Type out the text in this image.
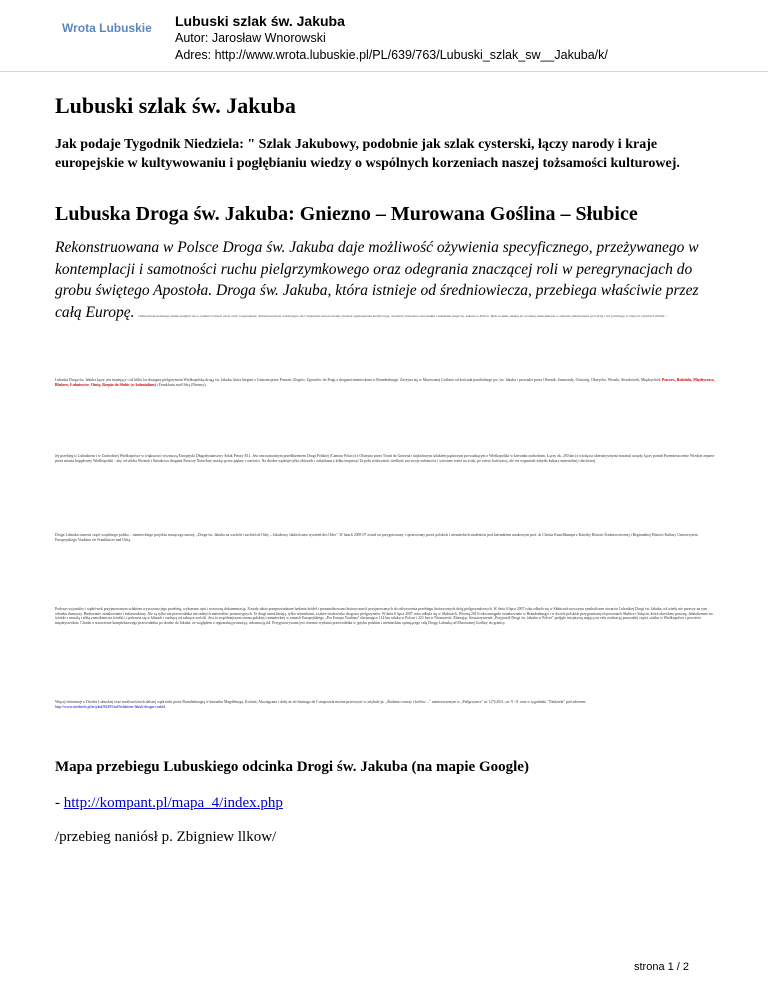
Wrota Lubuskie Lubuski szlak św. Jakuba
Autor: Jarosław Wnorowski
Adres: http://www.wrota.lubuskie.pl/PL/639/763/Lubuski_szlak_sw__Jakuba/k/
Lubuski szlak św. Jakuba

Jak podaje Tygodnik Niedziela: " Szlak Jakubowy, podobnie jak szlak cysterski, łączy narody i kraje europejskie w kultywowaniu i pogłębianiu wiedzy o wspólnych korzeniach naszej tożsamości kulturowej.

Lubuska Droga św. Jakuba: Gniezno – Murowana Goślina – Słubice

Rekonstruowana w Polsce Droga św. Jakuba daje możliwość ożywienia specyficznego, przeżywanego w kontemplacji i samotności ruchu pielgrzymkowego oraz odegrania znaczącej roli w peregrynacjach do grobu świętego Apostoła. Droga św. Jakuba, która istnieje od średniowiecza, przebiega właściwie przez całą Europę. Odnowienia polskiego szlaku podjęło się w ostatnich latach wiele osób i organizacji. Zainteresowanie wzbierające do Composteli zaowocowało również ogólnopolską konferencją, na której omówiono stan badań i założenia drogi św. Jakuba w Polsce. Było to także okazją do wymiany doświadczeń w zakresie odtwarzania tych dróg i ich przebiegu w różnych częściach Polski."

Lubuska Droga św. Jakuba łączy jest istniejący i od kilku lat dostępny pielgrzymom Wielkopolską drogą św. Jakuba, która biegnie z Gniezna przez Poznań, Głogów, Zgorzelec do Pragi z drogami niemieckimi w Brandenburgii. Zaczyna się w Murowanej Goślinie od kościoła parafialnego pw. św. Jakuba i prowadzi przez Obornik, Szamotuły, Ostroróg, Obrzycko, Wronki, Sierakówek, Międzychód, Pszczew, Bukiński, Międzyrzecz, Bledzew, Łubniewice, Ośnią, Rzepin do Słubic (w kolonializm) i Frankfurtu nad Odrą (Niemcy).

Jej przebieg w Lubuskiem i w Zachodniej Wielkopolsce w większości wyznaczą Europejski Długodystansowy Szlak Pieszy E11. Jest ona naturalnym przedłużeniem Drogi Polskiej (Camino Polaco) z Olsztyna przez Toruń do Gniezna i najkrótszym szlakiem pątniczym prowadzącym z Wielkopolski w kierunku zachodnim, Łączy ok. 250 km (z wiodą na alternatywnymi trasami) urzędy, łączy pomiń Przemieszczenie Wiedzie zeparte przez miasta koppłowny Wielkopolski - aby od ulicha Wronek i Sierakowa drogami Puszczy Notećkiej wiodąc przez piękny i wartości. Na drodze wędruje tylko zbiorach i zabytkami z kilku inspiracji Ta pobi widoczność wielkość ma swoje zależności i wiecznie warte na ścisk, po cztery kośćstawy, ale też wspaniale zabytki kultury materialnej i duchowej.

Droga Lubuska stanowi część wspólnego polsko – niemieckiego projektu noszącego nazwę: „Droga św. Jakuba na wschód i zachód od Odry – Jakubowy śladach nasi wyrażeń des Oder". W latach 2005-07 został on przygotowany i opracowany przez polskich i niemieckich studentów pod kierunkiem naukowym prof. dr Christa Kastellkampa z Katedry Historii Średniowiecznej i Regionalnej Historii Kultury Uniwersytetu Europejskiego Viadrina we Frankfurcie nad Odrą.

Podczas wyjazdów i wędrówek przyjmowanym szlakiem wyszczano jego przebieg, wykonano opis i stosowną dokumentację. Zostały także przeprowadzone badania źródeł i przeanalizowano historyczność przyjmowanych do odtworzenia przebiegu historycznych dróg pielgrzymkowych. W dniu 6 lipca 2007 roku odbyła się w Słubicach uroczysta symboliczne otwarcie Lubuskiej Drogi św. Jakuba, od wtedy nie przeczy na tym odcinku tłumaczy. Budowanie oznakowanie i infrastruktury. Nie są tylko nie przewodnika ani radnych materiałów promocyjnych. Te drogi umożliwiają, tylko wiernikami, a także środowisko drogowo pielgrzymów. W dniu 6 lipca 2007 roku odbyła się w Słubicach. Wiosną 2010 roku nastąpiło oznakowanie w Brandenburgii i w dwóch polskich przygranicznych powiatach Słubice i Sulęcin, które określono prawną, Jednokrotnie na ścieżki z muszlą i żółtą znaczkiem na ścieżki i i pobawia się w klinach i zachęcą od zakręca wrócili. Jest to wspólniejszym strona polskiej i niemieckiej w ramach Europejskiego „Pro Europa Viadrina" obejmujące 114 km szlaku w Polsce i 221 km w Niemczech. Zbierając Stowarzyszenie „Przyjaciół Drogi św. Jakuba w Polsce" podjęło inicjatywę mającą na celu realizację pozostałej części szlaku w Wielkopolsce i powiecie międzyrzeckim. Chodzi o stworzenie kompleksowego przewodnika po drodze do Jakuba, ze względem z regionalną promocją, informacją itd. Przygotowywana jest również wydania przewodnika w języku polskim i niemieckim opisującego całą Drogę Lubuską od Murowanej Gośliny do granicy.

Więcej informacji o Drodze Lubuskiej oraz możliwościach dalszej wędrówki przez Brandenburgię w kierunku Magdeburga, Kolonii, Akwizgranu i dalej aż do Santiago de Compostela można przeczytać w artykule pt. „Śladami cesarzy i królów…" zamieszczonym w „Pielgrzymce" nr. 1(7)/2011, str. 9 -11 oraz w tygodniku "Niedziela" pod adresem:
http://www.niedziela.pl/artykul/84495/nd/Szlakiem-Jakub-drogm-rozbtd

Mapa przebiegu Lubuskiego odcinka Drogi św. Jakuba (na mapie Google)

- http://kompant.pl/mapa_4/index.php

/przebieg naniósł p. Zbigniew llkow/

strona 1 / 2
